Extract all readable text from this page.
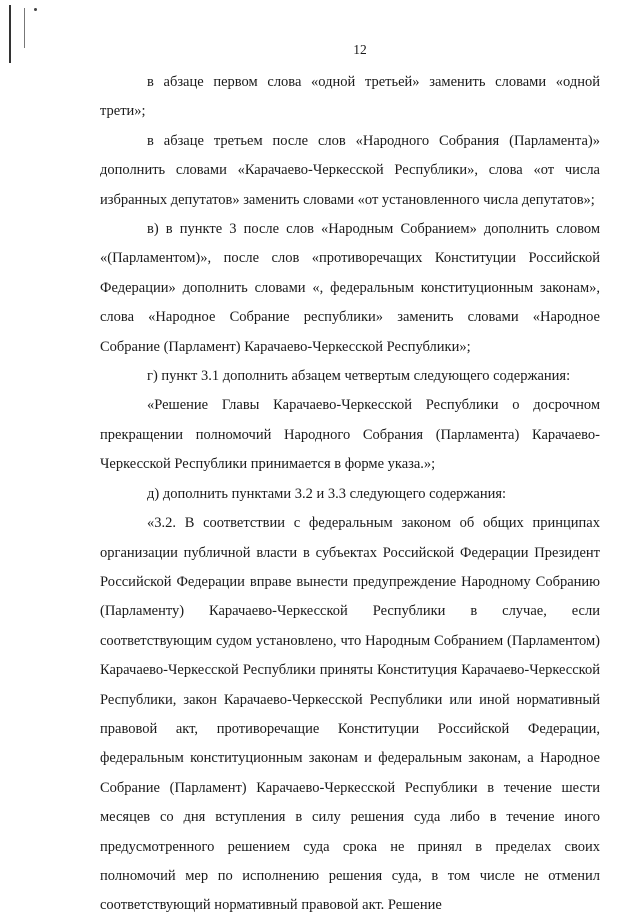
12

в абзаце первом слова «одной третьей» заменить словами «одной трети»;

в абзаце третьем после слов «Народного Собрания (Парламента)» дополнить словами «Карачаево-Черкесской Республики», слова «от числа избранных депутатов» заменить словами «от установленного числа депутатов»;

в) в пункте 3 после слов «Народным Собранием» дополнить словом «(Парламентом)», после слов «противоречащих Конституции Российской Федерации» дополнить словами «, федеральным конституционным законам», слова «Народное Собрание республики» заменить словами «Народное Собрание (Парламент) Карачаево-Черкесской Республики»;

г) пункт 3.1 дополнить абзацем четвертым следующего содержания:

«Решение Главы Карачаево-Черкесской Республики о досрочном прекращении полномочий Народного Собрания (Парламента) Карачаево-Черкесской Республики принимается в форме указа.»;

д) дополнить пунктами 3.2 и 3.3 следующего содержания:

«3.2. В соответствии с федеральным законом об общих принципах организации публичной власти в субъектах Российской Федерации Президент Российской Федерации вправе вынести предупреждение Народному Собранию (Парламенту) Карачаево-Черкесской Республики в случае, если соответствующим судом установлено, что Народным Собранием (Парламентом) Карачаево-Черкесской Республики приняты Конституция Карачаево-Черкесской Республики, закон Карачаево-Черкесской Республики или иной нормативный правовой акт, противоречащие Конституции Российской Федерации, федеральным конституционным законам и федеральным законам, а Народное Собрание (Парламент) Карачаево-Черкесской Республики в течение шести месяцев со дня вступления в силу решения суда либо в течение иного предусмотренного решением суда срока не принял в пределах своих полномочий мер по исполнению решения суда, в том числе не отменил соответствующий нормативный правовой акт. Решение
